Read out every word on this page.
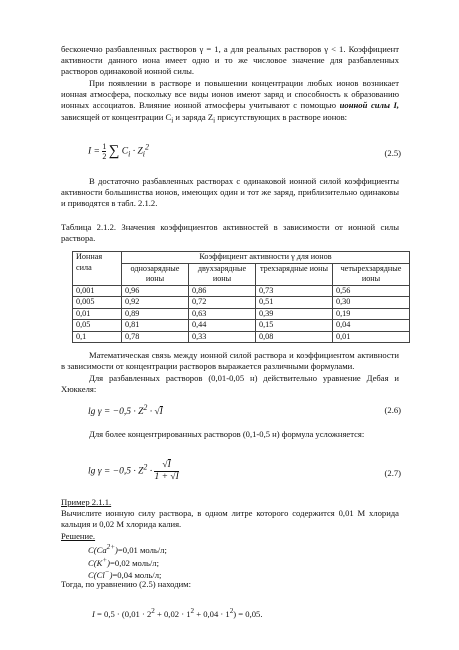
бесконечно разбавленных растворов γ = 1, а для реальных растворов γ < 1. Коэффициент активности данного иона имеет одно и то же числовое значение для разбавленных растворов одинаковой ионной силы.

При появлении в растворе и повышении концентрации любых ионов возникает ионная атмосфера, поскольку все виды ионов имеют заряд и способность к образованию ионных ассоциатов. Влияние ионной атмосферы учитывают с помощью ионной силы I, зависящей от концентрации $C_i$ и заряда $Z_i$ присутствующих в растворе ионов:

I = 1

2 ∑ $C_i \cdot Z_i^2$
(2.5)

В достаточно разбавленных растворах с одинаковой ионной силой коэффициенты активности большинства ионов, имеющих один и тот же заряд, приблизительно одинаковы и приводятся в табл. 2.1.2.

Таблица 2.1.2. Значения коэффициентов активностей в зависимости от ионной силы раствора.

Ионная сила	Коэффициент активности γ для ионов			
	однозарядные ионы	двухзарядные ионы	трехзарядные ионы	четырехзарядные ионы
0,001	0,96	0,86	0,73	0,56
0,005	0,92	0,72	0,51	0,30
0,01	0,89	0,63	0,39	0,19
0,05	0,81	0,44	0,15	0,04
0,1	0,78	0,33	0,08	0,01

Математическая связь между ионной силой раствора и коэффициентом активности в зависимости от концентрации растворов выражается различными формулами.

Для разбавленных растворов (0,01-0,05 н) действительно уравнение Дебая и Хюккеля:

$\lg \gamma = -0,5 \cdot Z^2 \cdot √I$	(2.6)

Для более концентрированных растворов (0,1-0,5 н) формула усложняется:

$\lg \gamma = -0,5 \cdot Z^2 \cdot √I$

1 + √I	(2.7)

Пример 2.1.1.

Вычислите ионную силу раствора, в одном литре которого содержится 0,01 М хлорида кальция и 0,02 М хлорида калия.

Решение.

$C(Ca^{2+})=0,01$ моль/л;
C(K+)=0,02 моль/л;
C(Cl−)=0,04 моль/л;

Тогда, по уравнению (2.5) находим:

$I = 0,5 \cdot (0,01 \cdot 2^2 + 0,02 \cdot 1^2 + 0,04 \cdot 1^2) = 0,05$.
